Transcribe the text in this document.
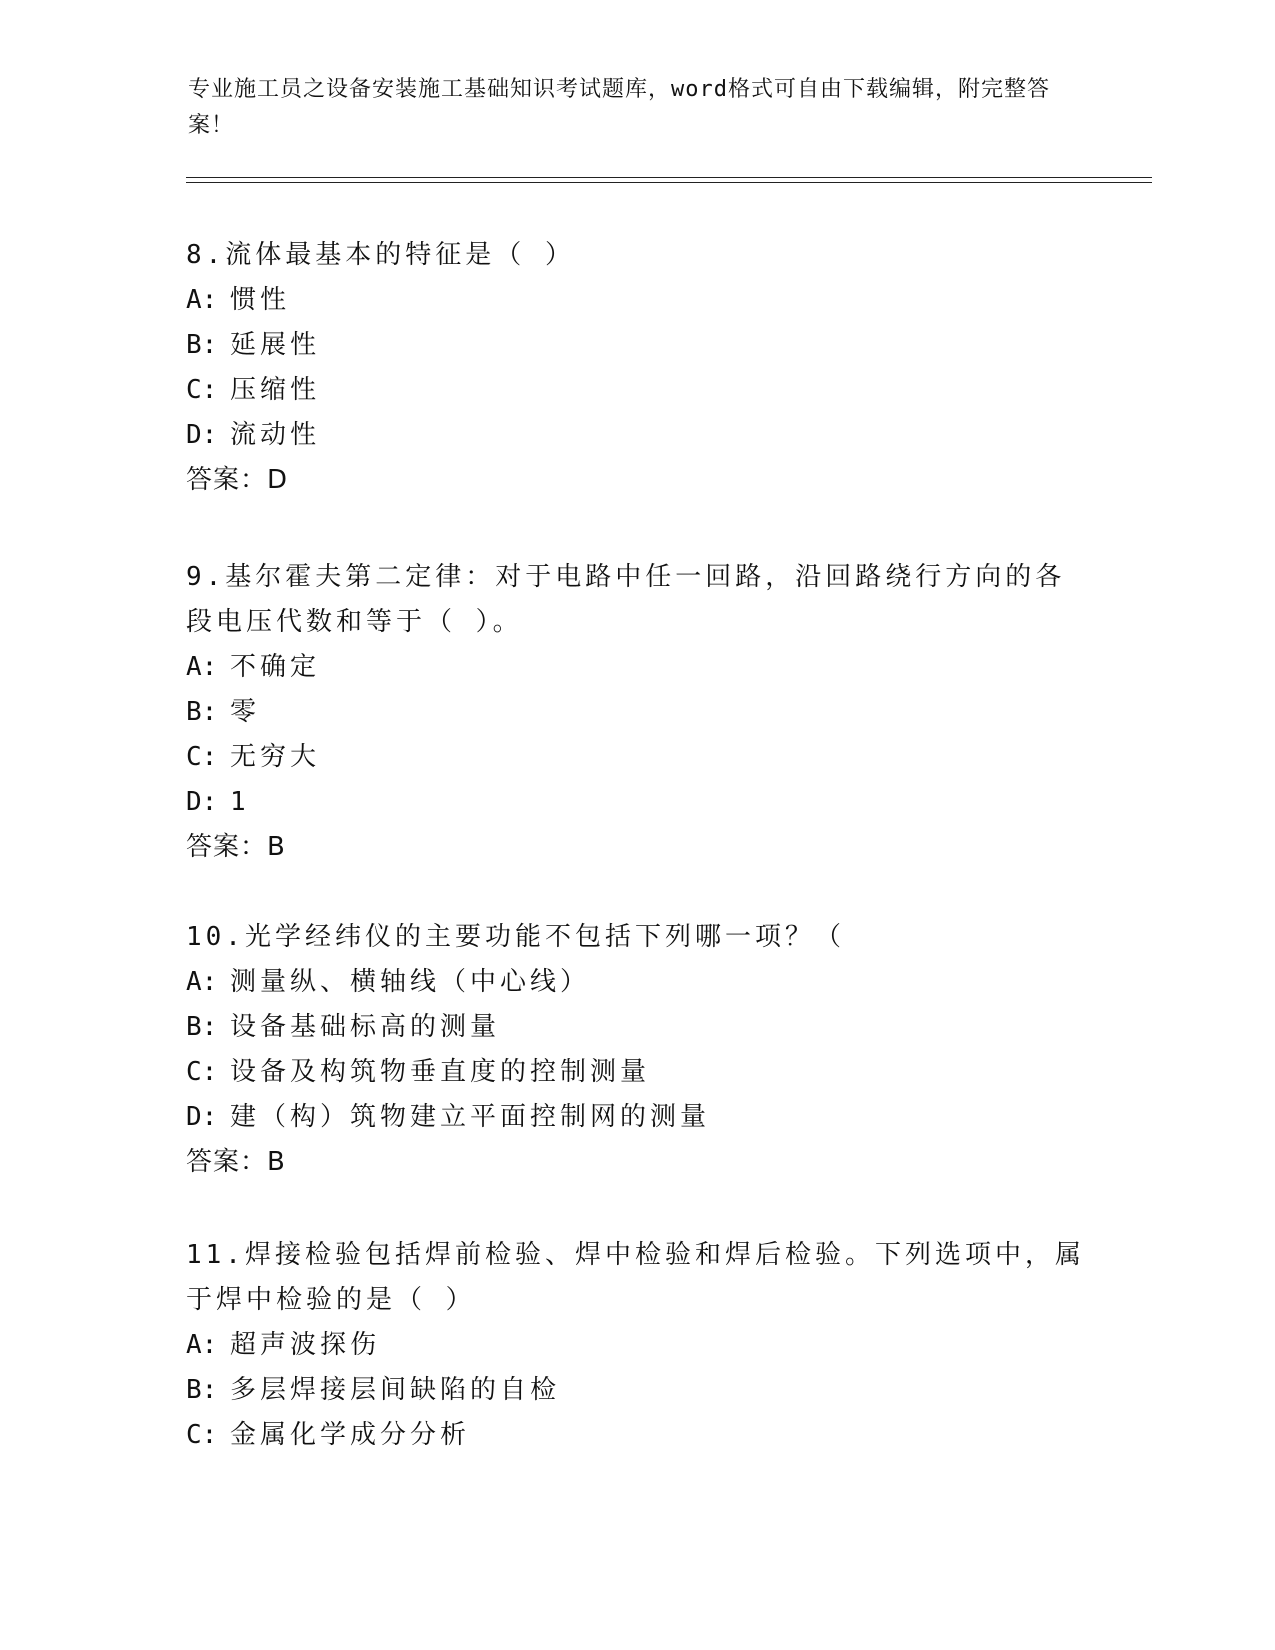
专业施工员之设备安装施工基础知识考试题库，word格式可自由下载编辑，附完整答案！
8.流体最基本的特征是（ ）
A: 惯性
B: 延展性
C: 压缩性
D: 流动性
答案：D
9.基尔霍夫第二定律：对于电路中任一回路，沿回路绕行方向的各段电压代数和等于（ ）。
A: 不确定
B: 零
C: 无穷大
D: 1
答案：B
10.光学经纬仪的主要功能不包括下列哪一项？（
A: 测量纵、横轴线（中心线）
B: 设备基础标高的测量
C: 设备及构筑物垂直度的控制测量
D: 建（构）筑物建立平面控制网的测量
答案：B
11.焊接检验包括焊前检验、焊中检验和焊后检验。下列选项中，属于焊中检验的是（ ）
A: 超声波探伤
B: 多层焊接层间缺陷的自检
C: 金属化学成分分析
